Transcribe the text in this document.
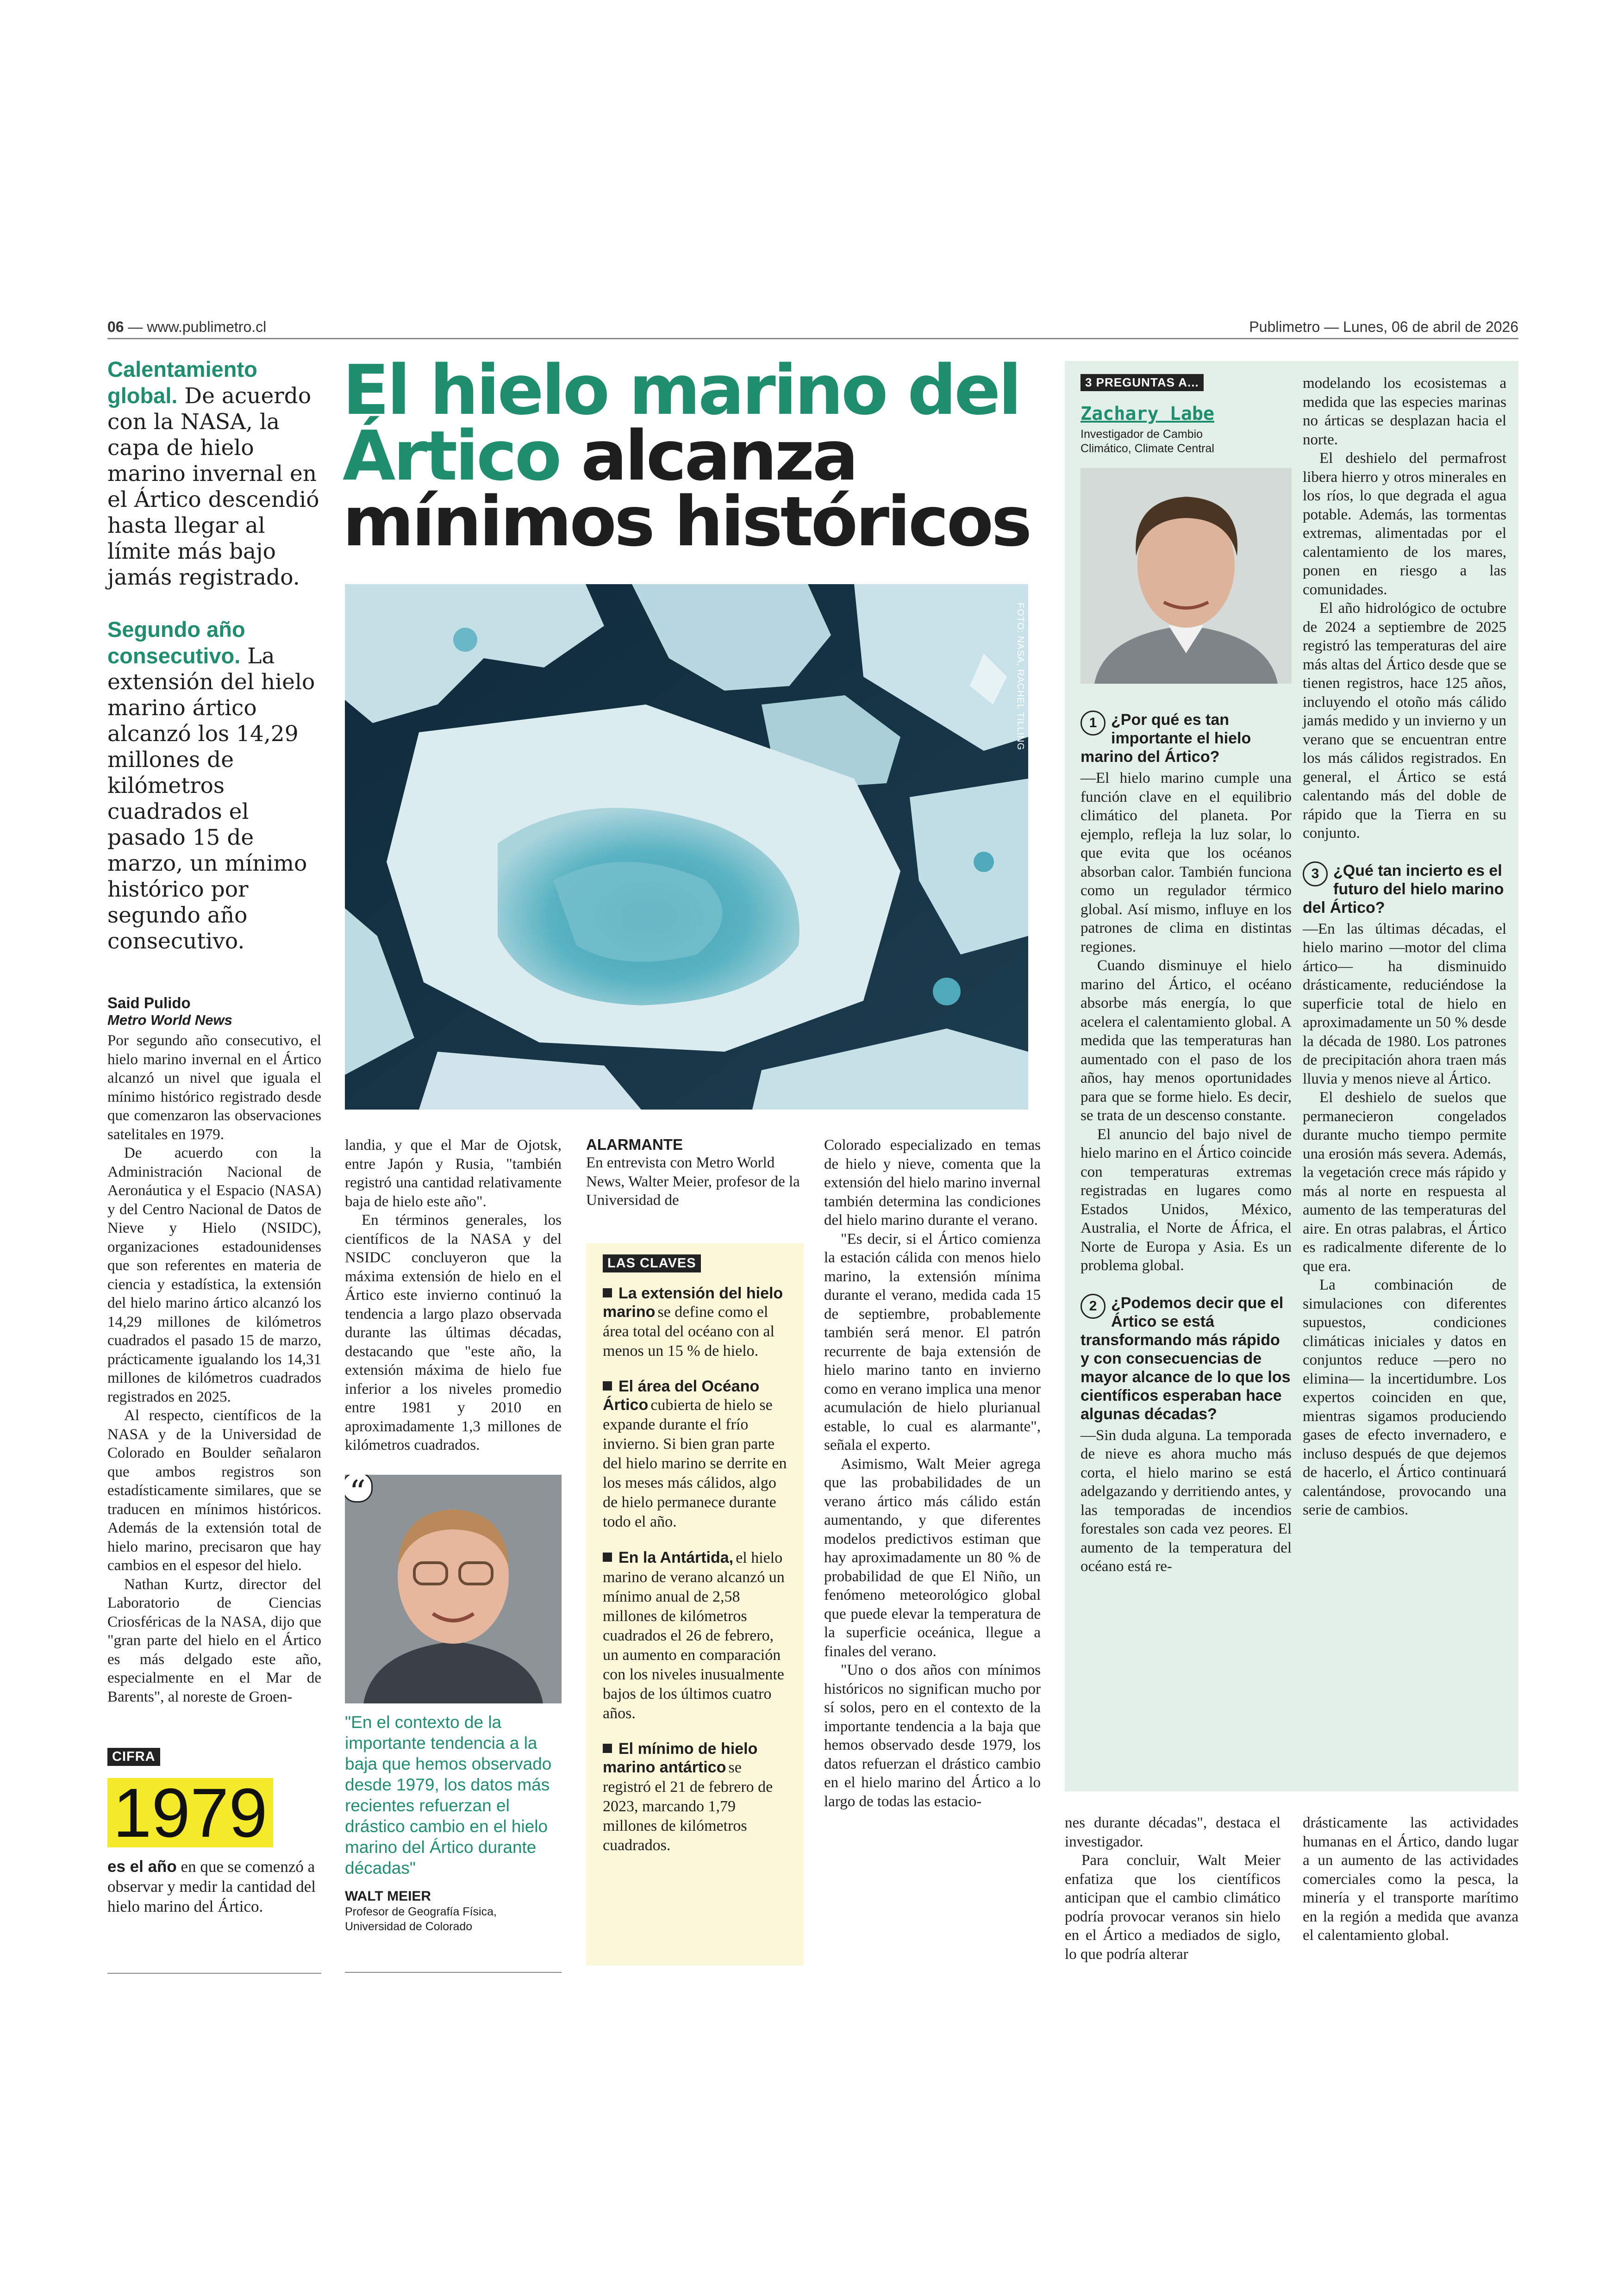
06 — www.publimetro.cl	Publimetro — Lunes, 06 de abril de 2026

Calentamiento global. De acuerdo con la NASA, la capa de hielo marino invernal en el Ártico descendió hasta llegar al límite más bajo jamás registrado.

Segundo año consecutivo. La extensión del hielo marino ártico alcanzó los 14,29 millones de kilómetros cuadrados el pasado 15 de marzo, un mínimo histórico por segundo año consecutivo.

Said Pulido
Metro World News

Por segundo año consecutivo, el hielo marino invernal en el Ártico alcanzó un nivel que iguala el mínimo histórico registrado desde que comenzaron las observaciones satelitales en 1979.

De acuerdo con la Administración Nacional de Aeronáutica y el Espacio (NASA) y del Centro Nacional de Datos de Nieve y Hielo (NSIDC), organizaciones estadounidenses que son referentes en materia de ciencia y estadística, la extensión del hielo marino ártico alcanzó los 14,29 millones de kilómetros cuadrados el pasado 15 de marzo, prácticamente igualando los 14,31 millones de kilómetros cuadrados registrados en 2025.

Al respecto, científicos de la NASA y de la Universidad de Colorado en Boulder señalaron que ambos registros son estadísticamente similares, que se traducen en mínimos históricos. Además de la extensión total de hielo marino, precisaron que hay cambios en el espesor del hielo.

Nathan Kurtz, director del Laboratorio de Ciencias Criosféricas de la NASA, dijo que "gran parte del hielo en el Ártico es más delgado este año, especialmente en el Mar de Barents", al noreste de Groen-

CIFRA 1979

es el año en que se comenzó a observar y medir la cantidad del hielo marino del Ártico.

El hielo marino del
Ártico alcanza
mínimos históricos
FOTO: NASA, RACHEL TILLING

landia, y que el Mar de Ojotsk, entre Japón y Rusia, "también registró una cantidad relativamente baja de hielo este año".

En términos generales, los científicos de la NASA y del NSIDC concluyeron que la máxima extensión de hielo en el Ártico este invierno continuó la tendencia a largo plazo observada durante las últimas décadas, destacando que "este año, la extensión máxima de hielo fue inferior a los niveles promedio entre 1981 y 2010 en aproximadamente 1,3 millones de kilómetros cuadrados.

“

"En el contexto de la importante tendencia a la baja que hemos observado desde 1979, los datos más recientes refuerzan el drástico cambio en el hielo marino del Ártico durante décadas"

WALT MEIER
Profesor de Geografía Física,
Universidad de Colorado
ALARMANTE

En entrevista con Metro World News, Walter Meier, profesor de la Universidad de

LAS CLAVES
La extensión del hielo marino se define como el área total del océano con al menos un 15 % de hielo.
El área del Océano Ártico cubierta de hielo se expande durante el frío invierno. Si bien gran parte del hielo marino se derrite en los meses más cálidos, algo de hielo permanece durante todo el año.
En la Antártida, el hielo marino de verano alcanzó un mínimo anual de 2,58 millones de kilómetros cuadrados el 26 de febrero, un aumento en comparación con los niveles inusualmente bajos de los últimos cuatro años.
El mínimo de hielo marino antártico se registró el 21 de febrero de 2023, marcando 1,79 millones de kilómetros cuadrados.

Colorado especializado en temas de hielo y nieve, comenta que la extensión del hielo marino invernal también determina las condiciones del hielo marino durante el verano.

"Es decir, si el Ártico comienza la estación cálida con menos hielo marino, la extensión mínima durante el verano, medida cada 15 de septiembre, probablemente también será menor. El patrón recurrente de baja extensión de hielo marino tanto en invierno como en verano implica una menor acumulación de hielo plurianual estable, lo cual es alarmante", señala el experto.

Asimismo, Walt Meier agrega que las probabilidades de un verano ártico más cálido están aumentando, y que diferentes modelos predictivos estiman que hay aproximadamente un 80 % de probabilidad de que El Niño, un fenómeno meteorológico global que puede elevar la temperatura de la superficie oceánica, llegue a finales del verano.

"Uno o dos años con mínimos históricos no significan mucho por sí solos, pero en el contexto de la importante tendencia a la baja que hemos observado desde 1979, los datos refuerzan el drástico cambio en el hielo marino del Ártico a lo largo de todas las estacio-

3 PREGUNTAS A...
Zachary Labe
Investigador de Cambio
Climático, Climate Central
1 ¿Por qué es tan importante el hielo marino del Ártico?

—El hielo marino cumple una función clave en el equilibrio climático del planeta. Por ejemplo, refleja la luz solar, lo que evita que los océanos absorban calor. También funciona como un regulador térmico global. Así mismo, influye en los patrones de clima en distintas regiones.

Cuando disminuye el hielo marino del Ártico, el océano absorbe más energía, lo que acelera el calentamiento global. A medida que las temperaturas han aumentado con el paso de los años, hay menos oportunidades para que se forme hielo. Es decir, se trata de un descenso constante.

El anuncio del bajo nivel de hielo marino en el Ártico coincide con temperaturas extremas registradas en lugares como Estados Unidos, México, Australia, el Norte de África, el Norte de Europa y Asia. Es un problema global.

2 ¿Podemos decir que el Ártico se está transformando más rápido y con consecuencias de mayor alcance de lo que los científicos esperaban hace algunas décadas?

—Sin duda alguna. La temporada de nieve es ahora mucho más corta, el hielo marino se está adelgazando y derritiendo antes, y las temporadas de incendios forestales son cada vez peores. El aumento de la temperatura del océano está re-

modelando los ecosistemas a medida que las especies marinas no árticas se desplazan hacia el norte.

El deshielo del permafrost libera hierro y otros minerales en los ríos, lo que degrada el agua potable. Además, las tormentas extremas, alimentadas por el calentamiento de los mares, ponen en riesgo a las comunidades.

El año hidrológico de octubre de 2024 a septiembre de 2025 registró las temperaturas del aire más altas del Ártico desde que se tienen registros, hace 125 años, incluyendo el otoño más cálido jamás medido y un invierno y un verano que se encuentran entre los más cálidos registrados. En general, el Ártico se está calentando más del doble de rápido que la Tierra en su conjunto.

3 ¿Qué tan incierto es el futuro del hielo marino del Ártico?

—En las últimas décadas, el hielo marino —motor del clima ártico— ha disminuido drásticamente, reduciéndose la superficie total de hielo en aproximadamente un 50 % desde la década de 1980. Los patrones de precipitación ahora traen más lluvia y menos nieve al Ártico.

El deshielo de suelos que permanecieron congelados durante mucho tiempo permite una erosión más severa. Además, la vegetación crece más rápido y más al norte en respuesta al aumento de las temperaturas del aire. En otras palabras, el Ártico es radicalmente diferente de lo que era.

La combinación de simulaciones con diferentes supuestos, condiciones climáticas iniciales y datos en conjuntos reduce —pero no elimina— la incertidumbre. Los expertos coinciden en que, mientras sigamos produciendo gases de efecto invernadero, e incluso después de que dejemos de hacerlo, el Ártico continuará calentándose, provocando una serie de cambios.

nes durante décadas", destaca el investigador.

Para concluir, Walt Meier enfatiza que los científicos anticipan que el cambio climático podría provocar veranos sin hielo en el Ártico a mediados de siglo, lo que podría alterar

drásticamente las actividades humanas en el Ártico, dando lugar a un aumento de las actividades comerciales como la pesca, la minería y el transporte marítimo en la región a medida que avanza el calentamiento global.
